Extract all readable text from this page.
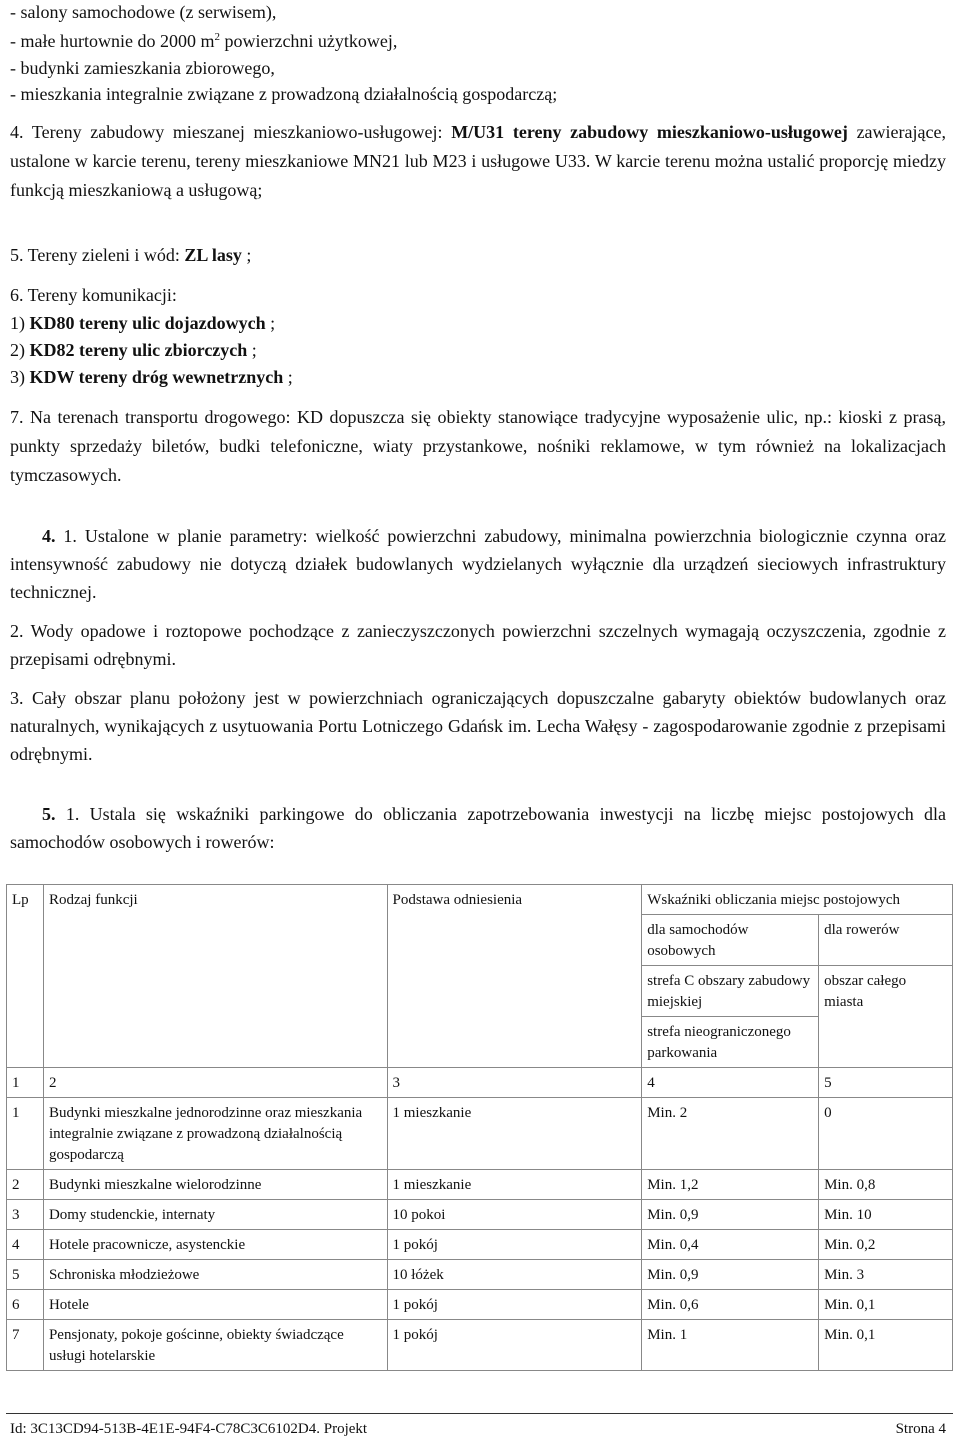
- salony samochodowe (z serwisem),
- małe hurtownie do 2000 $m^2$ powierzchni użytkowej,
- budynki zamieszkania zbiorowego,
- mieszkania integralnie związane z prowadzoną działalnością gospodarczą;

4. Tereny zabudowy mieszanej mieszkaniowo-usługowej: M/U31 tereny zabudowy mieszkaniowo-usługowej zawierające, ustalone w karcie terenu, tereny mieszkaniowe MN21 lub M23 i usługowe U33. W karcie terenu można ustalić proporcję miedzy funkcją mieszkaniową a usługową;

5. Tereny zieleni i wód: ZL lasy ;
6. Tereny komunikacji:
1) KD80 tereny ulic dojazdowych ;
2) KD82 tereny ulic zbiorczych ;
3) KDW tereny dróg wewnetrznych ;

7. Na terenach transportu drogowego: KD dopuszcza się obiekty stanowiące tradycyjne wyposażenie ulic, np.: kioski z prasą, punkty sprzedaży biletów, budki telefoniczne, wiaty przystankowe, nośniki reklamowe, w tym również na lokalizacjach tymczasowych.

4. 1. Ustalone w planie parametry: wielkość powierzchni zabudowy, minimalna powierzchnia biologicznie czynna oraz intensywność zabudowy nie dotyczą działek budowlanych wydzielanych wyłącznie dla urządzeń sieciowych infrastruktury technicznej.

2. Wody opadowe i roztopowe pochodzące z zanieczyszczonych powierzchni szczelnych wymagają oczyszczenia, zgodnie z przepisami odrębnymi.

3. Cały obszar planu położony jest w powierzchniach ograniczających dopuszczalne gabaryty obiektów budowlanych oraz naturalnych, wynikających z usytuowania Portu Lotniczego Gdańsk im. Lecha Wałęsy - zagospodarowanie zgodnie z przepisami odrębnymi.

5. 1. Ustala się wskaźniki parkingowe do obliczania zapotrzebowania inwestycji na liczbę miejsc postojowych dla samochodów osobowych i rowerów:

Lp	Rodzaj funkcji	Podstawa odniesienia	Wskaźniki obliczania miejsc postojowych	
			dla samochodów osobowych	dla rowerów
			strefa C obszary zabudowy miejskiej	obszar całego miasta
			strefa nieograniczonego parkowania	
1	2	3	4	5
1	Budynki mieszkalne jednorodzinne oraz mieszkania integralnie związane z prowadzoną działalnością gospodarczą	1 mieszkanie	Min. 2	0
2	Budynki mieszkalne wielorodzinne	1 mieszkanie	Min. 1,2	Min. 0,8
3	Domy studenckie, internaty	10 pokoi	Min. 0,9	Min. 10
4	Hotele pracownicze, asystenckie	1 pokój	Min. 0,4	Min. 0,2
5	Schroniska młodzieżowe	10 łóżek	Min. 0,9	Min. 3
6	Hotele	1 pokój	Min. 0,6	Min. 0,1
7	Pensjonaty, pokoje gościnne, obiekty świadczące usługi hotelarskie	1 pokój	Min. 1	Min. 0,1
Id: 3C13CD94-513B-4E1E-94F4-C78C3C6102D4. Projekt	Strona 4
